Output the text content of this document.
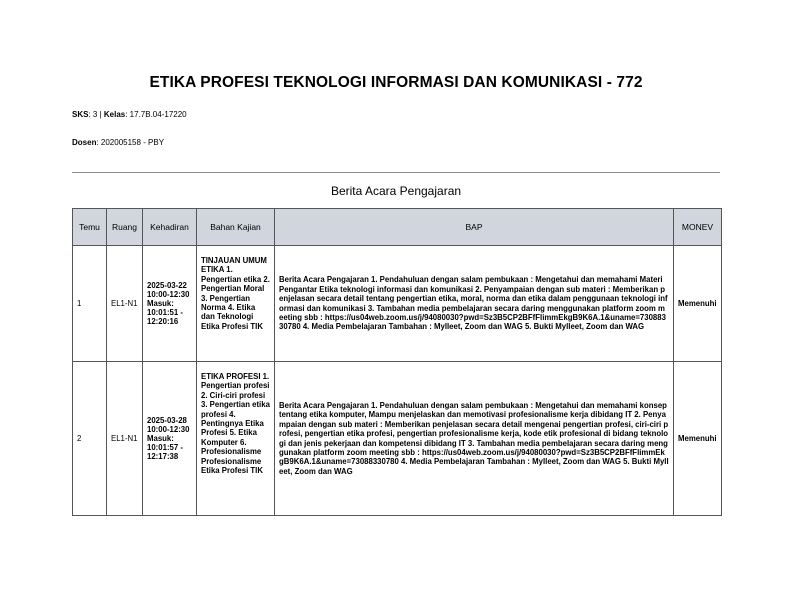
ETIKA PROFESI TEKNOLOGI INFORMASI DAN KOMUNIKASI - 772
SKS: 3 | Kelas: 17.7B.04-17220
Dosen: 202005158 - PBY
Berita Acara Pengajaran
Temu	Ruang	Kehadiran	Bahan Kajian	BAP	MONEV
1	EL1-N1	2025-03-22 10:00-12:30 Masuk: 10:01:51 - 12:20:16	TINJAUAN UMUM ETIKA 1. Pengertian etika 2. Pengertian Moral 3. Pengertian Norma 4. Etika dan Teknologi Etika Profesi TIK	Berita Acara Pengajaran 1. Pendahuluan dengan salam pembukaan : Mengetahui dan memahami Materi Pengantar Etika teknologi informasi dan komunikasi 2. Penyampaian dengan sub materi : Memberikan penjelasan secara detail tentang pengertian etika, moral, norma dan etika dalam penggunaan teknologi informasi dan komunikasi 3. Tambahan media pembelajaran secara daring menggunakan platform zoom meeting sbb : https://us04web.zoom.us/j/94080030?pwd=Sz3B5CP2BFfFlimmEkgB9K6A.1&uname=73088330780 4. Media Pembelajaran Tambahan : Mylleet, Zoom dan WAG 5. Bukti Mylleet, Zoom dan WAG	Memenuhi
2	EL1-N1	2025-03-28 10:00-12:30 Masuk: 10:01:57 - 12:17:38	ETIKA PROFESI 1. Pengertian profesi 2. Ciri-ciri profesi 3. Pengertian etika profesi 4. Pentingnya Etika Profesi 5. Etika Komputer 6. Profesionalisme Profesionalisme Etika Profesi TIK	Berita Acara Pengajaran 1. Pendahuluan dengan salam pembukaan : Mengetahui dan memahami konsep tentang etika komputer, Mampu menjelaskan dan memotivasi profesionalisme kerja dibidang IT 2. Penyampaian dengan sub materi : Memberikan penjelasan secara detail mengenai pengertian profesi, ciri-ciri profesi, pengertian etika profesi, pengertian profesionalisme kerja, kode etik profesional di bidang teknologi dan jenis pekerjaan dan kompetensi dibidang IT 3. Tambahan media pembelajaran secara daring menggunakan platform zoom meeting sbb : https://us04web.zoom.us/j/94080030?pwd=Sz3B5CP2BFfFlimmEkgB9K6A.1&uname=73088330780 4. Media Pembelajaran Tambahan : Mylleet, Zoom dan WAG 5. Bukti Mylleet, Zoom dan WAG	Memenuhi
